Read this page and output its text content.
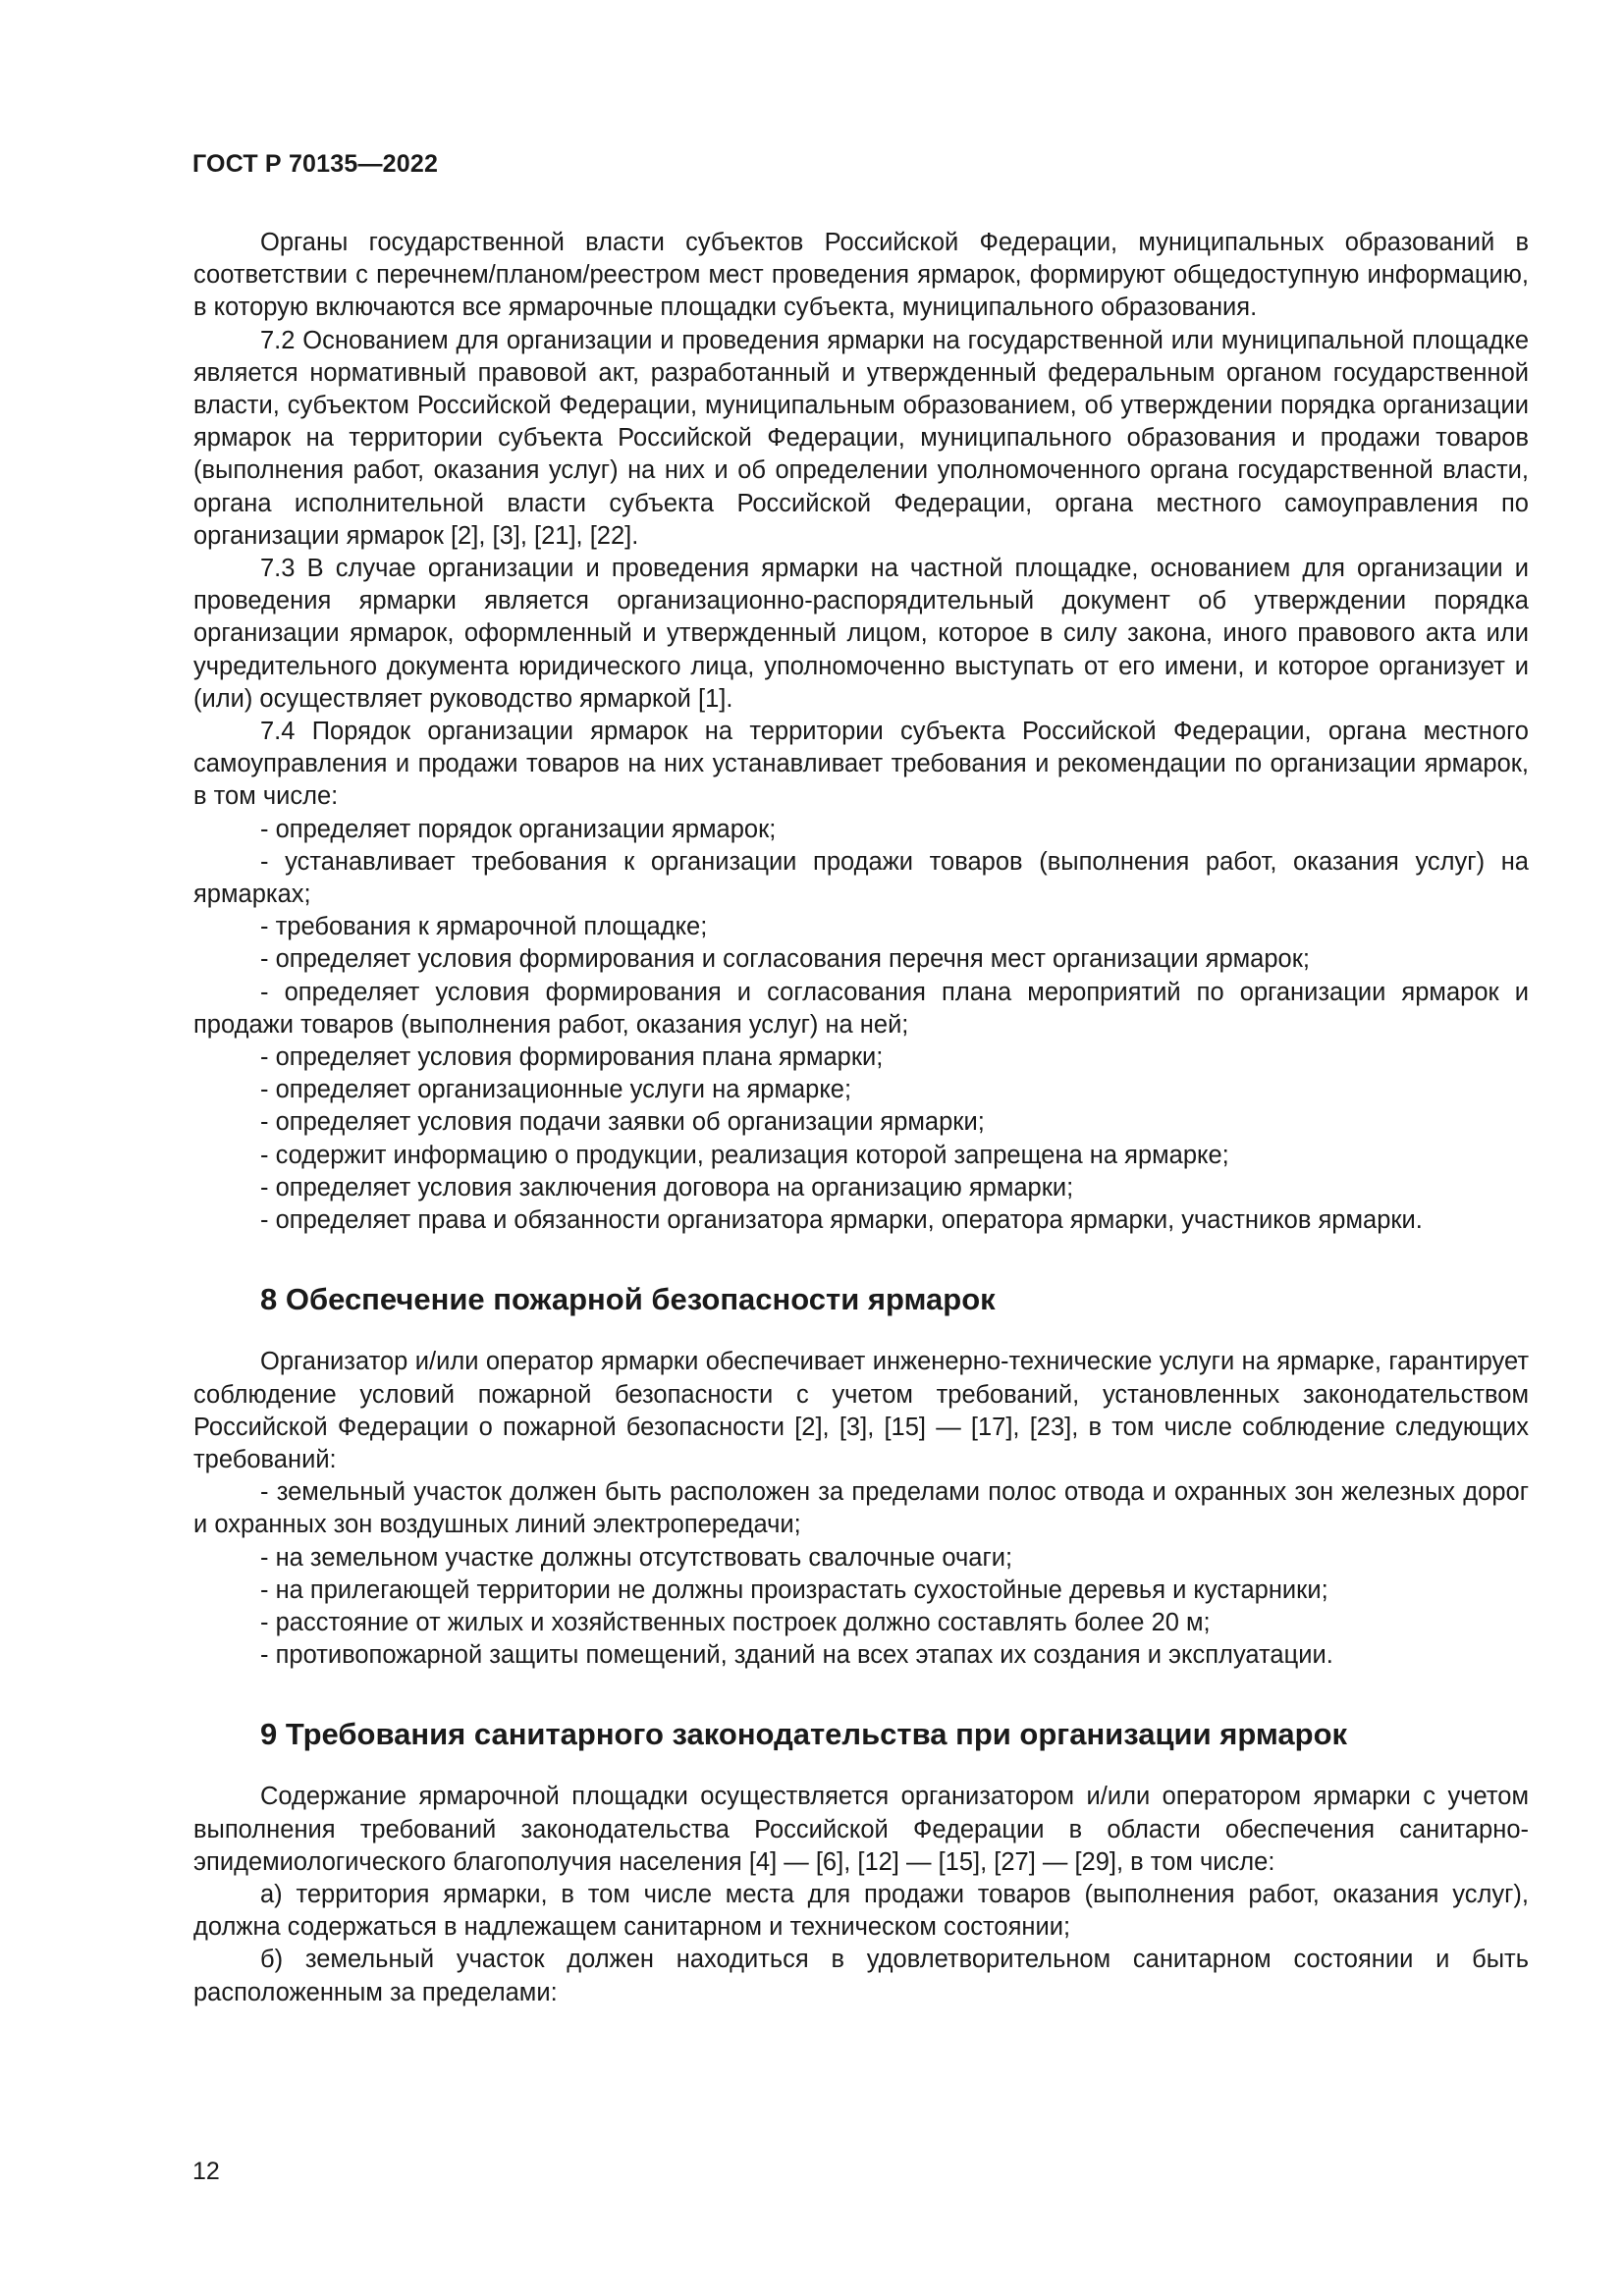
ГОСТ Р 70135—2022

Органы государственной власти субъектов Российской Федерации, муниципальных образований в соответствии с перечнем/планом/реестром мест проведения ярмарок, формируют общедоступную информацию, в которую включаются все ярмарочные площадки субъекта, муниципального образования.

7.2 Основанием для организации и проведения ярмарки на государственной или муниципальной площадке является нормативный правовой акт, разработанный и утвержденный федеральным органом государственной власти, субъектом Российской Федерации, муниципальным образованием, об утверждении порядка организации ярмарок на территории субъекта Российской Федерации, муниципального образования и продажи товаров (выполнения работ, оказания услуг) на них и об определении уполномоченного органа государственной власти, органа исполнительной власти субъекта Российской Федерации, органа местного самоуправления по организации ярмарок [2], [3], [21], [22].

7.3 В случае организации и проведения ярмарки на частной площадке, основанием для организации и проведения ярмарки является организационно-распорядительный документ об утверждении порядка организации ярмарок, оформленный и утвержденный лицом, которое в силу закона, иного правового акта или учредительного документа юридического лица, уполномоченно выступать от его имени, и которое организует и (или) осуществляет руководство ярмаркой [1].

7.4 Порядок организации ярмарок на территории субъекта Российской Федерации, органа местного самоуправления и продажи товаров на них устанавливает требования и рекомендации по организации ярмарок, в том числе:

- определяет порядок организации ярмарок;

- устанавливает требования к организации продажи товаров (выполнения работ, оказания услуг) на ярмарках;

- требования к ярмарочной площадке;

- определяет условия формирования и согласования перечня мест организации ярмарок;

- определяет условия формирования и согласования плана мероприятий по организации ярмарок и продажи товаров (выполнения работ, оказания услуг) на ней;

- определяет условия формирования плана ярмарки;

- определяет организационные услуги на ярмарке;

- определяет условия подачи заявки об организации ярмарки;

- содержит информацию о продукции, реализация которой запрещена на ярмарке;

- определяет условия заключения договора на организацию ярмарки;

- определяет права и обязанности организатора ярмарки, оператора ярмарки, участников ярмарки.

8 Обеспечение пожарной безопасности ярмарок

Организатор и/или оператор ярмарки обеспечивает инженерно-технические услуги на ярмарке, гарантирует соблюдение условий пожарной безопасности с учетом требований, установленных законодательством Российской Федерации о пожарной безопасности [2], [3], [15] — [17], [23], в том числе соблюдение следующих требований:

- земельный участок должен быть расположен за пределами полос отвода и охранных зон железных дорог и охранных зон воздушных линий электропередачи;

- на земельном участке должны отсутствовать свалочные очаги;

- на прилегающей территории не должны произрастать сухостойные деревья и кустарники;

- расстояние от жилых и хозяйственных построек должно составлять более 20 м;

- противопожарной защиты помещений, зданий на всех этапах их создания и эксплуатации.

9 Требования санитарного законодательства при организации ярмарок

Содержание ярмарочной площадки осуществляется организатором и/или оператором ярмарки с учетом выполнения требований законодательства Российской Федерации в области обеспечения санитарно-эпидемиологического благополучия населения [4] — [6], [12] — [15], [27] — [29], в том числе:

а) территория ярмарки, в том числе места для продажи товаров (выполнения работ, оказания услуг), должна содержаться в надлежащем санитарном и техническом состоянии;

б) земельный участок должен находиться в удовлетворительном санитарном состоянии и быть расположенным за пределами:

12
